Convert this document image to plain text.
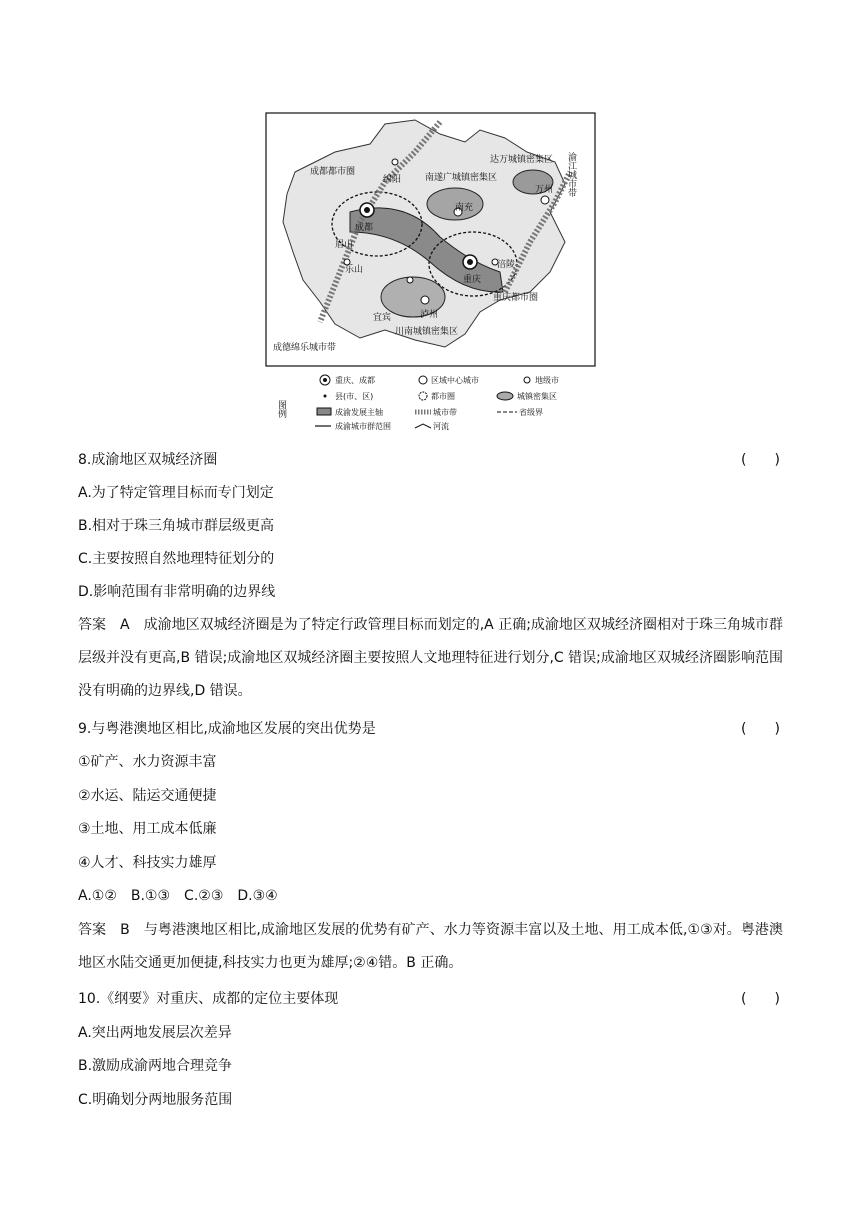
成都都市圈
绵阳	南遂广城镇密集区
达万城镇密集区
南充
万州
成都
眉山
乐山
重庆
涪陵
重庆都市圈
宜宾	泸州
川南城镇密集区
成德绵乐城市带
渝江城市带
图例
重庆、成都	区域中心城市	地级市
县(市、区)	都市圈	城镇密集区
成渝发展主轴	城市带	省级界
成渝城市群范围	河流
8.成渝地区双城经济圈	(　　)
A.为了特定管理目标而专门划定
B.相对于珠三角城市群层级更高
C.主要按照自然地理特征划分的
D.影响范围有非常明确的边界线
答案 A 成渝地区双城经济圈是为了特定行政管理目标而划定的,A 正确;成渝地区双城经济圈相对于珠三角城市群层级并没有更高,B 错误;成渝地区双城经济圈主要按照人文地理特征进行划分,C 错误;成渝地区双城经济圈影响范围没有明确的边界线,D 错误。
9.与粤港澳地区相比,成渝地区发展的突出优势是	(　　)
①矿产、水力资源丰富
②水运、陆运交通便捷
③土地、用工成本低廉
④人才、科技实力雄厚
A.①②　B.①③　C.②③　D.③④
答案 B 与粤港澳地区相比,成渝地区发展的优势有矿产、水力等资源丰富以及土地、用工成本低,①③对。粤港澳地区水陆交通更加便捷,科技实力也更为雄厚;②④错。B 正确。
10.《纲要》对重庆、成都的定位主要体现	(　　)
A.突出两地发展层次差异
B.激励成渝两地合理竞争
C.明确划分两地服务范围
